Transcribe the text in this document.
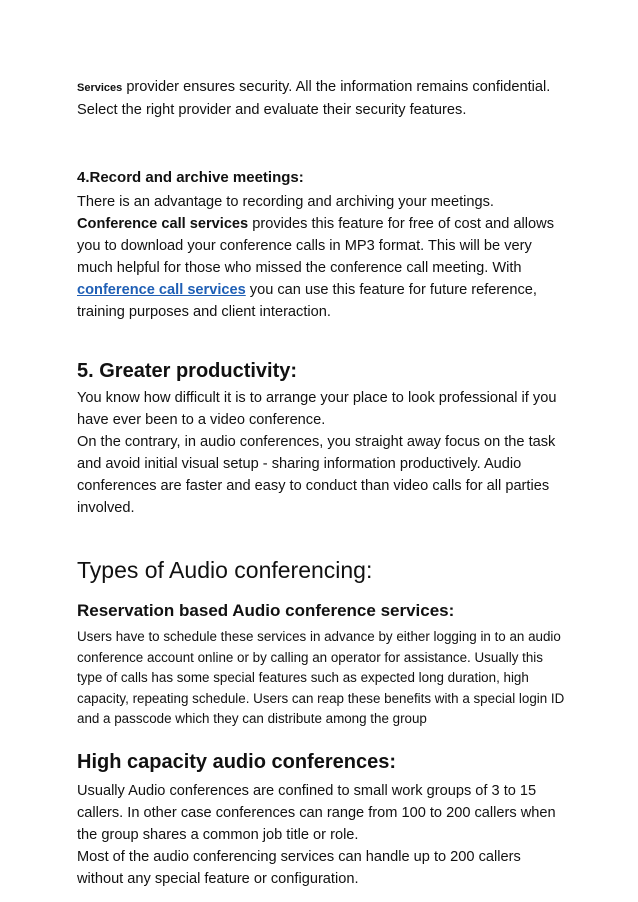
Services provider ensures security. All the information remains confidential.
Select the right provider and evaluate their security features.

4.Record and archive meetings:

There is an advantage to recording and archiving your meetings. Conference call services provides this feature for free of cost and allows you to download your conference calls in MP3 format. This will be very much helpful for those who missed the conference call meeting. With conference call services you can use this feature for future reference, training purposes and client interaction.

5. Greater productivity:

You know how difficult it is to arrange your place to look professional if you have ever been to a video conference.

On the contrary, in audio conferences, you straight away focus on the task and avoid initial visual setup - sharing information productively. Audio conferences are faster and easy to conduct than video calls for all parties involved.

Types of Audio conferencing:

Reservation based Audio conference services:

Users have to schedule these services in advance by either logging in to an audio conference account online or by calling an operator for assistance. Usually this type of calls has some special features such as expected long duration, high capacity, repeating schedule. Users can reap these benefits with a special login ID and a passcode which they can distribute among the group

High capacity audio conferences:

Usually Audio conferences are confined to small work groups of 3 to 15 callers. In other case conferences can range from 100 to 200 callers when the group shares a common job title or role.

Most of the audio conferencing services can handle up to 200 callers without any special feature or configuration.
